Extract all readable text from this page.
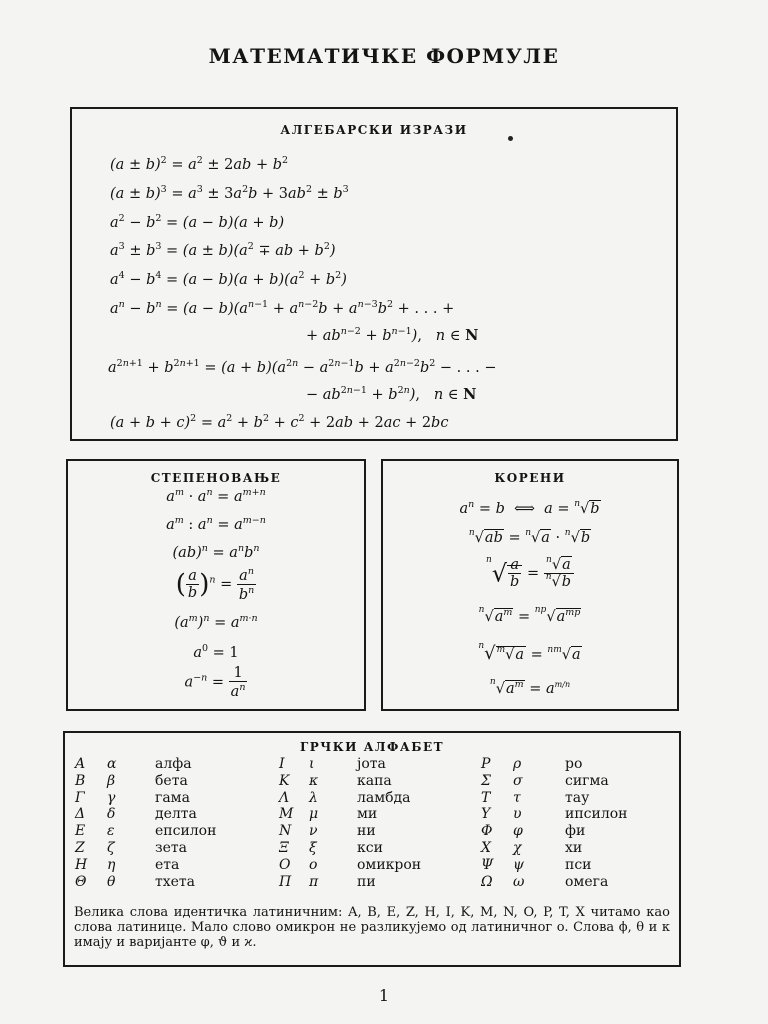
МАТЕМАТИЧКЕ ФОРМУЛЕ
АЛГЕБАРСКИ ИЗРАЗИ
$(a \pm b)^2 = a^2 \pm 2ab + b^2$
$(a \pm b)^3 = a^3 \pm 3a^2b + 3ab^2 \pm b^3$
$a^2 - b^2 = (a - b)(a + b)$
$a^3 \pm b^3 = (a \pm b)(a^2$ ∓ ab + $b^2$)
$a^4 - b^4 = (a - b)(a + b)(a^2 + b^2)$
$a^n - b^n = (a - b)(a^{n-1} + a^{n-2}b + a^{n-3}b^2$ + . . . +
+ $ab^{n-2} + b^{n-1}$), n ∈ N
$a^{2n+1} + b^{2n+1} = (a + b)(a^{2n} - a^{2n-1}b + a^{2n-2}b^2$ − . . . −
− $ab^{2n-1} + b^{2n}$), n ∈ N
$(a + b + c)^2 = a^2 + b^2 + c^2 + 2ab + 2ac + 2bc$
СТЕПЕНОВАЊЕ
$a^m \cdot a^n = a^{m+n}$
$a^m$ : $a^n = a^{m-n}$
$(ab)^n = a^nb^n$
( $\frac{a}{b} )^n = \frac{a^n}{b^n}$
$(a^m)^n = a^{m\cdot n}$
$a^0 = 1$
$a^{-n} = \frac{1}{a^n}$
КОРЕНИ
$a^n = b$  ⟺  a = $^n$√b
$^n$√ab = $^n$√a · $^n$√b
$^n√ \frac{a}{b} = \frac{^n√a}{^n√b}$
$^n√a^m = ^{np}√a^{mp}$
$^n$√$^m$√a = $^{nm}$√a
$^n√a^m = a^{m/n}$
ГРЧКИ АЛФАБЕТ
Α α	алфа
Β β	бета
Γ γ	гама
Δ δ	делта
Ε ε	епсилон
Ζ ζ	зета
Η η	ета
Θ θ	тхета
Ι ι	јота
Κ κ	капа
Λ λ	ламбда
Μ μ	ми
Ν ν	ни
Ξ ξ	кси
Ο ο	омикрон
Π π	пи
Ρ ρ	ро
Σ σ	сигма
Τ τ	тау
Υ υ	ипсилон
Φ φ	фи
Χ χ	хи
Ψ ψ	пси
Ω ω	омега
Велика слова идентичка латиничним: A, B, E, Z, H, I, K, M, N, O, P, T, X читамо као слова латинице. Мало слово омикрон не разликујемо од латиничног o. Слова ϕ, θ и κ имају и варијанте φ, ϑ и ϰ.
1
